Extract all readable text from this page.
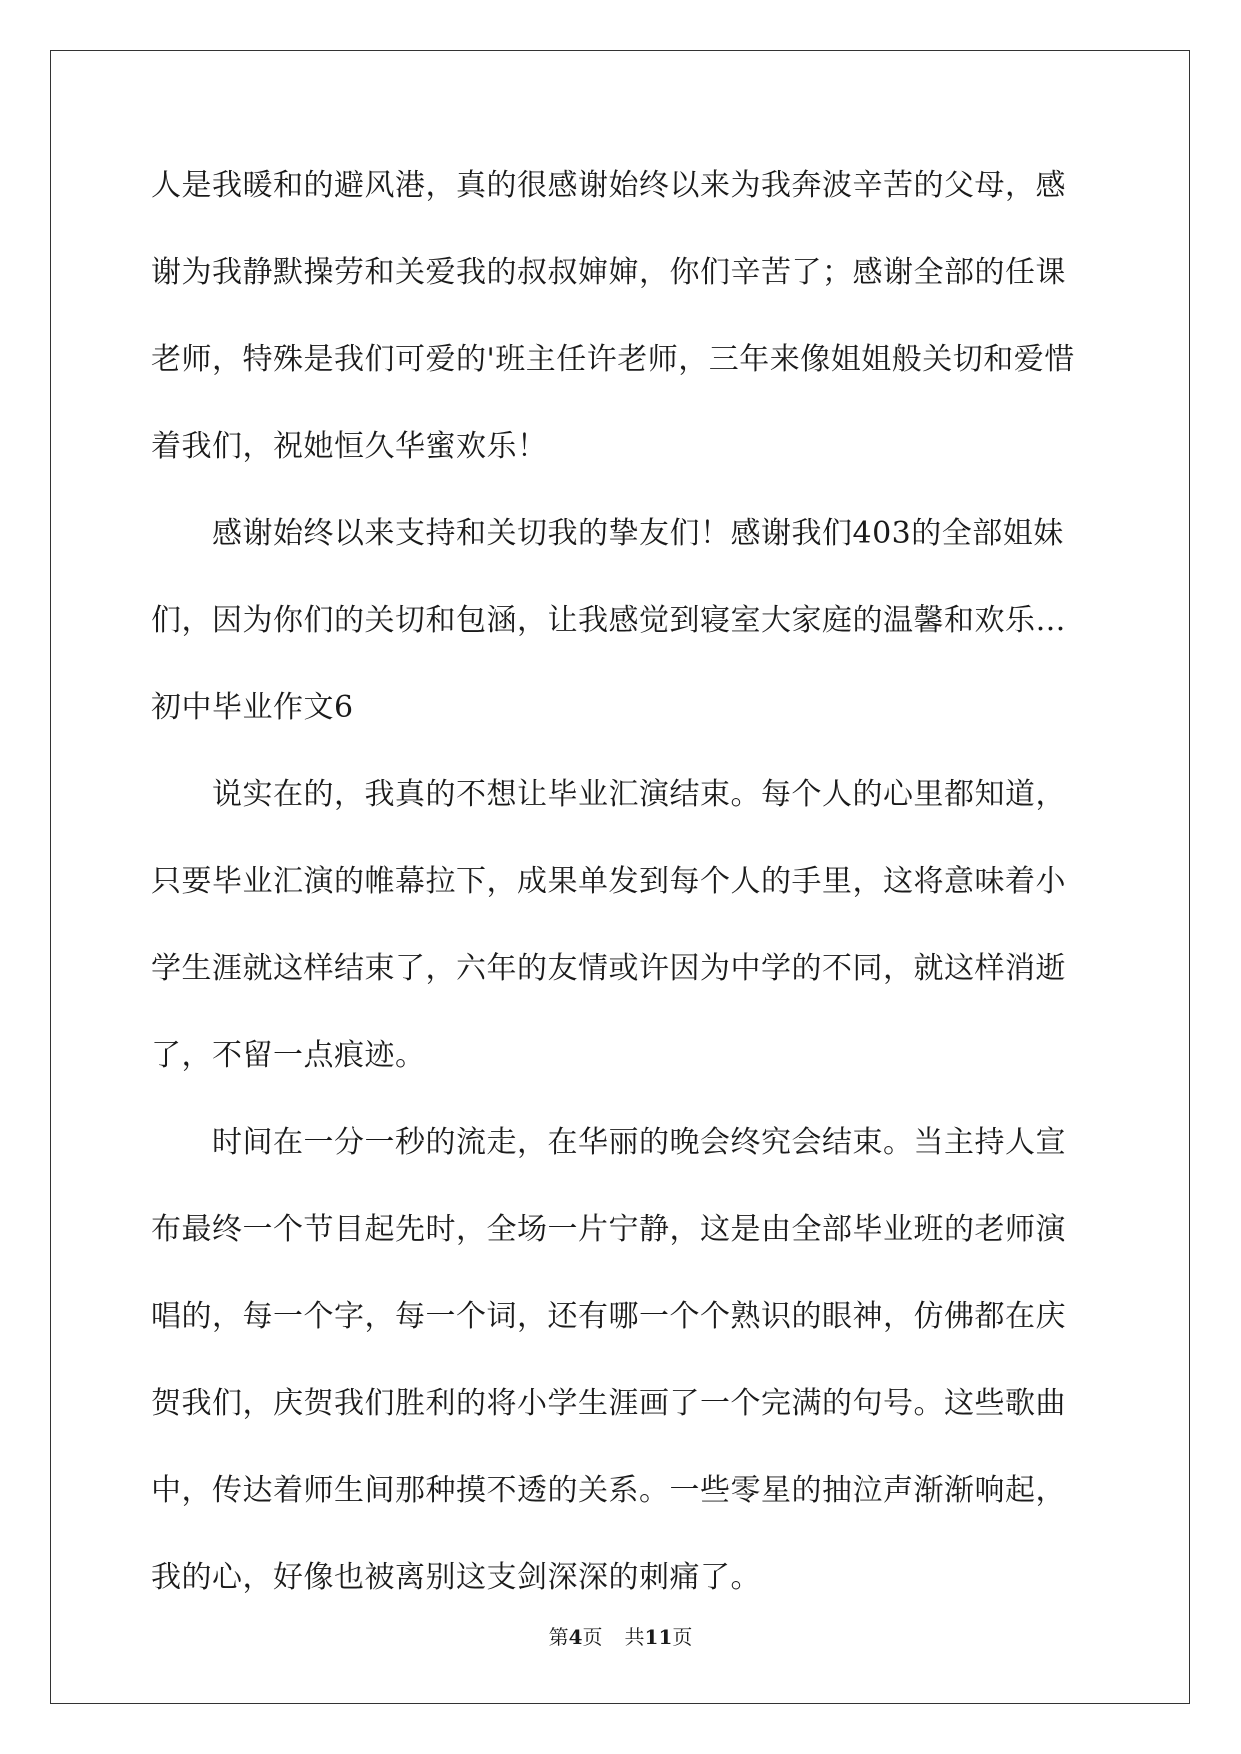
人是我暖和的避风港，真的很感谢始终以来为我奔波辛苦的父母，感
谢为我静默操劳和关爱我的叔叔婶婶，你们辛苦了；感谢全部的任课
老师，特殊是我们可爱的'班主任许老师，三年来像姐姐般关切和爱惜
着我们，祝她恒久华蜜欢乐！
　　感谢始终以来支持和关切我的挚友们！感谢我们403的全部姐妹
们，因为你们的关切和包涵，让我感觉到寝室大家庭的温馨和欢乐…
初中毕业作文6
　　说实在的，我真的不想让毕业汇演结束。每个人的心里都知道，
只要毕业汇演的帷幕拉下，成果单发到每个人的手里，这将意味着小
学生涯就这样结束了，六年的友情或许因为中学的不同，就这样消逝
了，不留一点痕迹。
　　时间在一分一秒的流走，在华丽的晚会终究会结束。当主持人宣
布最终一个节目起先时，全场一片宁静，这是由全部毕业班的老师演
唱的，每一个字，每一个词，还有哪一个个熟识的眼神，仿佛都在庆
贺我们，庆贺我们胜利的将小学生涯画了一个完满的句号。这些歌曲
中，传达着师生间那种摸不透的关系。一些零星的抽泣声渐渐响起，
我的心，好像也被离别这支剑深深的刺痛了。
第4页 共11页
